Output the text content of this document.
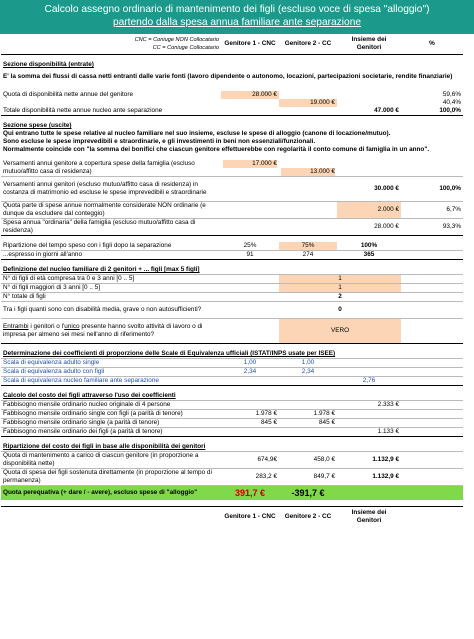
Calcolo assegno ordinario di mantenimento dei figli (escluso voce di spesa "alloggio")
partendo dalla spesa annua familiare ante separazione
CNC = Coniuge NON Collocatario
CC = Coniuge Collocatario	Genitore 1 - CNC	Genitore 2 - CC	Insieme dei Genitori	%

Sezione disponibilità (entrate)				
E' la somma dei flussi di cassa netti entranti dalle varie fonti (lavoro dipendente o autonomo, locazioni, partecipazioni societarie, rendite finanziarie)				

Quota di disponibilità nette annue del genitore	28.000 €			59,6%
		19.000 €		40,4%
Totale disponibilità nette annue nucleo ante separazione			47.000 €	100,0%

Sezione spese (uscite)				
Qui entrano tutte le spese relative al nucleo familiare nel suo insieme, escluse le spese di alloggio (canone di locazione/mutuo).				
Sono escluse le spese imprevedibili e straordinarie, e gli investimenti in beni non essenziali/funzionali.				
Normalmente coincide con "la somma dei bonifici che ciascun genitore effettuerebbe con regolarità il conto comune di famiglia in un anno".				

Versamenti annui genitore a copertura spese della famiglia (escluso mutuo/affitto casa di residenza)	17.000 €	13.000 €		

Versamenti annui genitori (escluso mutuo/affitto casa di residenza) in costanza di matrimonio ed escluse le spese imprevedibili e straordinarie			30.000 €	100,0%
Quota parte di spese annue normalmente considerate NON ordinarie (e dunque da escludere dal conteggio)			2.000 €	6,7%
Spesa annua "ordinaria" della famiglia (escluso mutuo/affitto casa di residenza)			28.000 €	93,3%

Ripartizione del tempo speso con i figli dopo la separazione	25%	75%	100%	
...espresso in giorni all'anno	91	274	365	

Definizione del nucleo familiare di 2 genitori + ... figli [max 5 figli]				
N° di figli di età compresa tra 0 e 3 anni [0 .. 5]		1		
N° di figli maggiori di 3 anni [0 .. 5]		1		
N° totale di figli		2		
Tra i figli quanti sono con disabilità media, grave o non autosufficienti?		0		
Entrambi i genitori o l'unico presente hanno svolto attività di lavoro o di impresa per almeno sei mesi nell'anno di riferimento?		VERO		

Determinazione dei coefficienti di proporzione delle Scale di Equivalenza ufficiali (ISTAT/INPS usate per ISEE)				
Scala di equivalenza adulto single	1,00	1,00		
Scala di equivalenza adulto con figli	2,34	2,34		
Scala di equivalenza nucleo familiare ante separazione			2,76	

Calcolo del costo dei figli attraverso l'uso dei coefficienti				
Fabbisogno mensile ordinario nucleo originale di 4 persone			2.333 €	
Fabbisogno mensile ordinario single con figli (a parità di tenore)	1.978 €	1.978 €		
Fabbisogno mensile ordinario single (a parità di tenore)	845 €	845 €		
Fabbisogno mensile ordinario dei figli (a parità di tenore)			1.133 €	

Ripartizione del costo dei figli in base alle disponibilità dei genitori				
Quota di mantenimento a carico di ciascun genitore (in proporzione a disponibilità nette)	674,9€	458,0 €	1.132,9 €	
Quota di spesa dei figli sostenuta direttamente (in proporzione al tempo di permanenza)	283,2 €	849,7 €	1.132,9 €	
Quota perequativa (+ dare / - avere), escluso spese di "alloggio"	391,7 €	-391,7 €		

	Genitore 1 - CNC	Genitore 2 - CC	Insieme dei Genitori	
